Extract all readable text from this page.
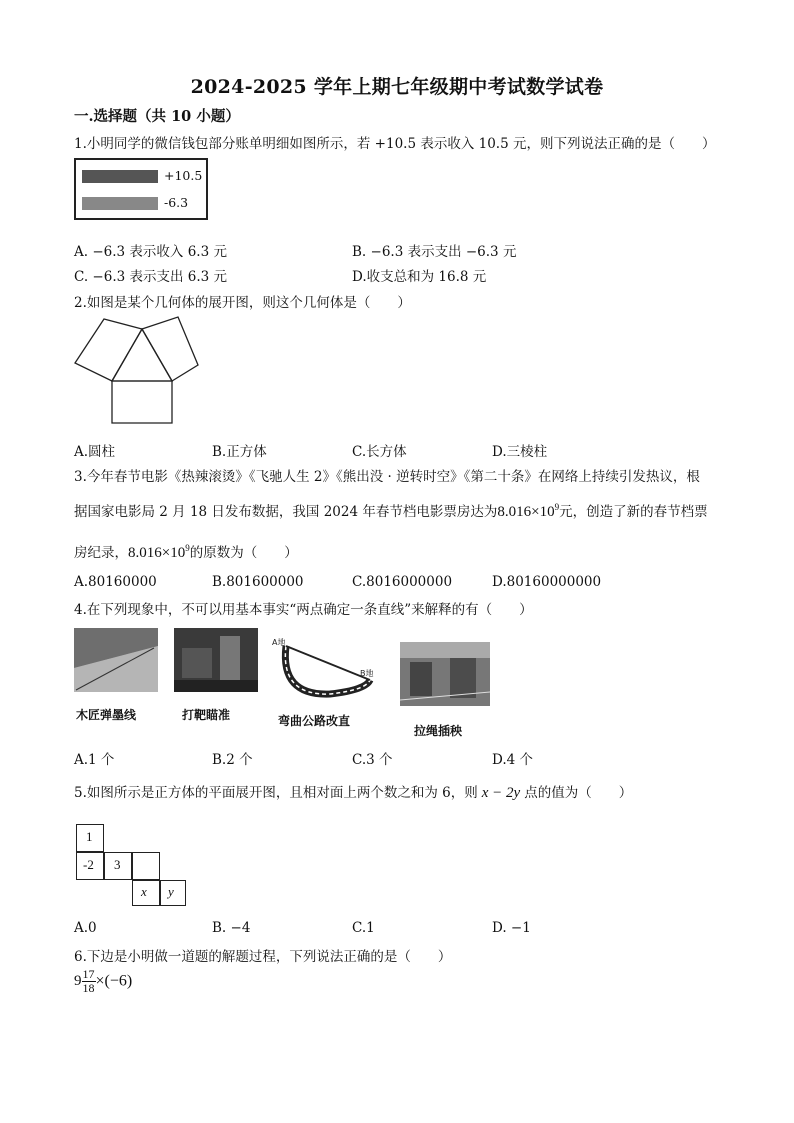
2024-2025 学年上期七年级期中考试数学试卷
一.选择题（共 10 小题）
1.小明同学的微信钱包部分账单明细如图所示，若 +10.5 表示收入 10.5 元，则下列说法正确的是（　　）
+10.5
-6.3
A. −6.3 表示收入 6.3 元	B. −6.3 表示支出 −6.3 元
C. −6.3 表示支出 6.3 元	D.收支总和为 16.8 元
2.如图是某个几何体的展开图，则这个几何体是（　　）
A.圆柱	B.正方体	C.长方体	D.三棱柱
3.今年春节电影《热辣滚烫》《飞驰人生 2》《熊出没 · 逆转时空》《第二十条》在网络上持续引发热议，根
据国家电影局 2 月 18 日发布数据，我国 2024 年春节档电影票房达为$8.016\times 10^9$元，创造了新的春节档票
房纪录，$8.016\times 10^9$的原数为（　　）
A.80160000	B.801600000	C.8016000000	D.80160000000
4.在下列现象中，不可以用基本事实“两点确定一条直线”来解释的有（　　）
木匠弹墨线	打靶瞄准
A地
B地
弯曲公路改直
拉绳插秧
A.1 个	B.2 个	C.3 个	D.4 个
5.如图所示是正方体的平面展开图，且相对面上两个数之和为 6，则 x − 2y 点的值为（　　）
1
-2 3
x y
A.0	B. −4	C.1	D. −1
6.下边是小明做一道题的解题过程，下列说法正确的是（　　）
$9 \frac{17}{18} \times(-6)$
